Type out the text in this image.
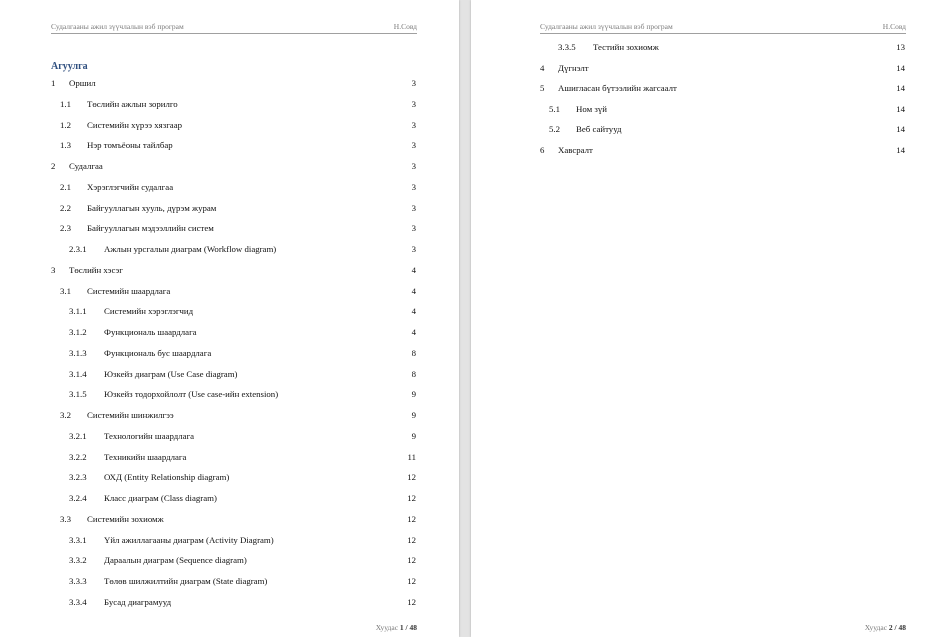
Судалгааны ажил зүүчлалын вэб програм	Н.Совд
Агуулга
1 Оршил	3
1.1 Төслийн ажлын зорилго	3
1.2 Системийн хүрээ хязгаар	3
1.3 Нэр томъёоны тайлбар	3
2 Судалгаа	3
2.1 Хэрэглэгчийн судалгаа	3
2.2 Байгууллагын хууль, дүрэм журам	3
2.3 Байгууллагын мэдээллийн систем	3
2.3.1 Ажлын урсгалын диаграм (Workflow diagram)	3
3 Төслийн хэсэг	4
3.1 Системийн шаардлага	4
3.1.1 Системийн хэрэглэгчид	4
3.1.2 Функциональ шаардлага	4
3.1.3 Функциональ бус шаардлага	8
3.1.4 Юзкейз диаграм (Use Case diagram)	8
3.1.5 Юзкейз тодорхойлолт (Use case-ийн extension)	9
3.2 Системийн шинжилгээ	9
3.2.1 Технологийн шаардлага	9
3.2.2 Техникийн шаардлага	11
3.2.3 ОХД (Entity Relationship diagram)	12
3.2.4 Класс диаграм (Class diagram)	12
3.3 Системийн зохиомж	12
3.3.1 Үйл ажиллагааны диаграм (Activity Diagram)	12
3.3.2 Дараалын диаграм (Sequence diagram)	12
3.3.3 Төлөв шилжилтийн диаграм (State diagram)	12
3.3.4 Бусад диаграмууд	12
Хуудас 1 / 48
Судалгааны ажил зүүчлалын вэб програм	Н.Совд
3.3.5 Тестийн зохиомж	13
4 Дүгнэлт	14
5 Ашигласан бүтээлийн жагсаалт	14
5.1 Ном зүй	14
5.2 Веб сайтууд	14
6 Хавсралт	14
Хуудас 2 / 48
